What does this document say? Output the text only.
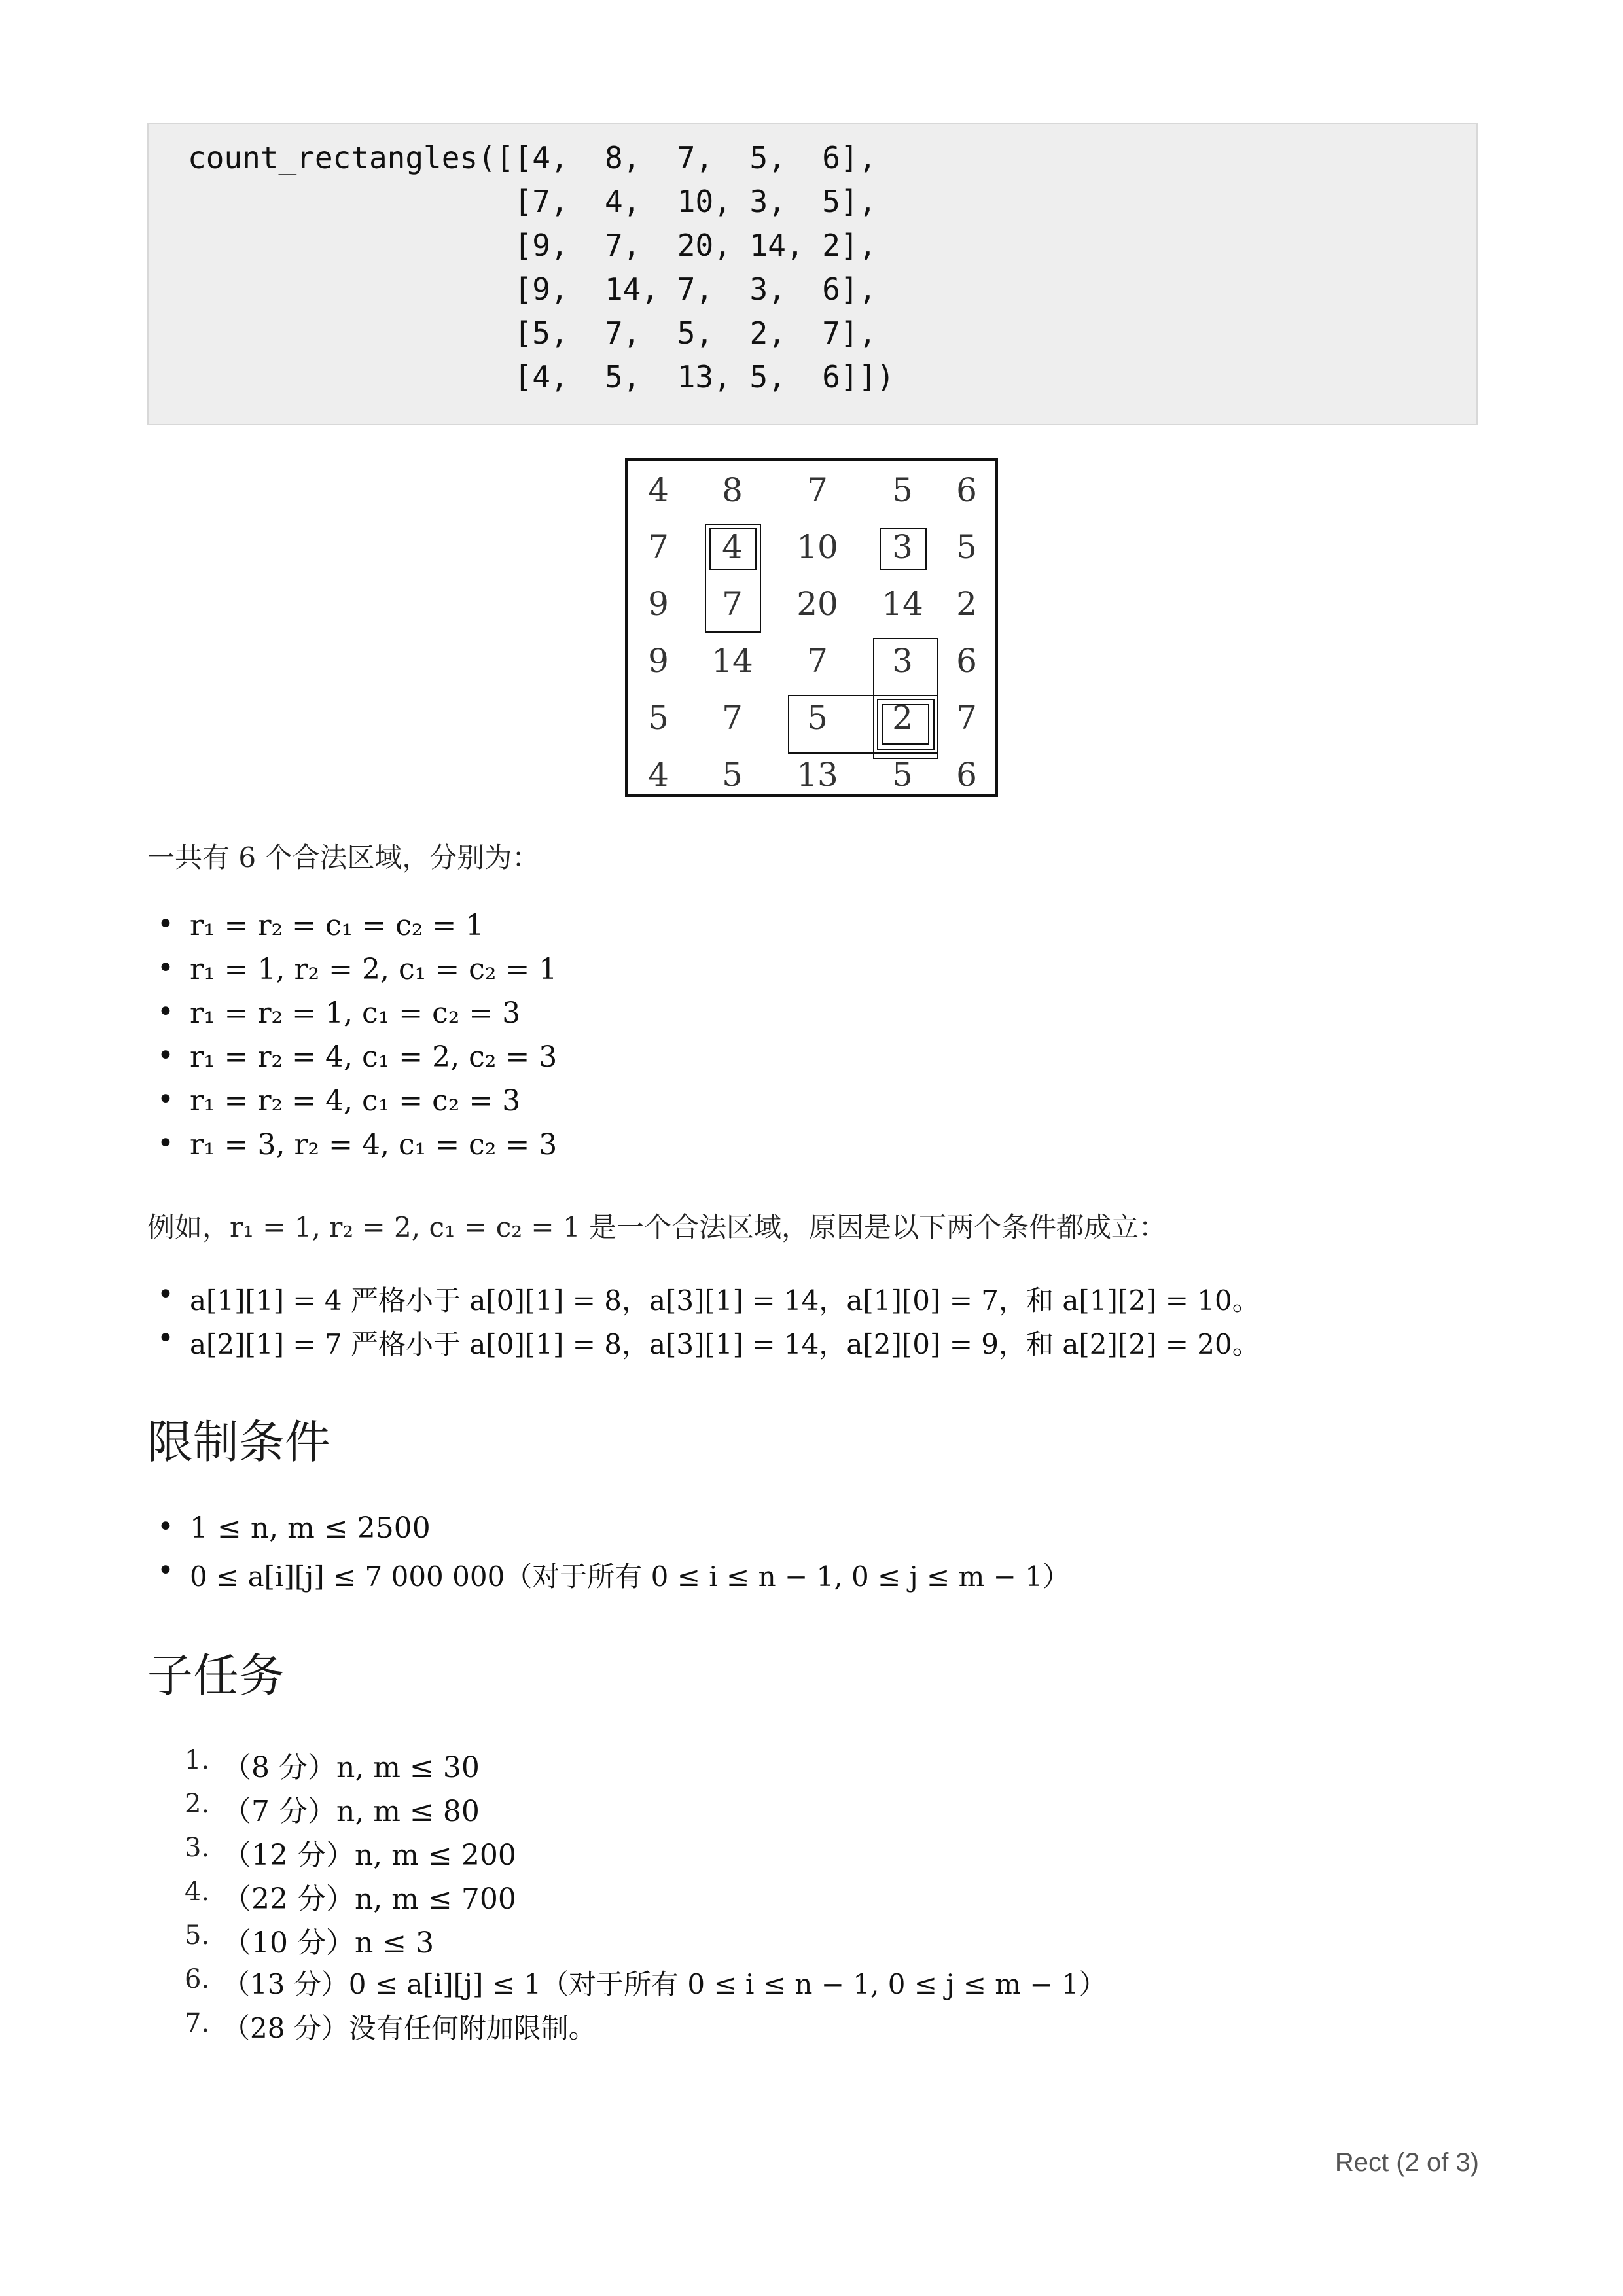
count_rectangles([[4,  8,  7,  5,  6],
[7,  4,  10, 3,  5],
[9,  7,  20, 14, 2],
[9,  14, 7,  3,  6],
[5,  7,  5,  2,  7],
[4,  5,  13, 5,  6]])
4	8	7	5	6
7	4	10	3	5
9	7	20 14	2
9	14	7	3	6
5	7	5	2	7
4	5	13	5	6
一共有 6 个合法区域，分别为：
• r₁ = r₂ = c₁ = c₂ = 1
• r₁ = 1, r₂ = 2, c₁ = c₂ = 1
• r₁ = r₂ = 1, c₁ = c₂ = 3
• r₁ = r₂ = 4, c₁ = 2, c₂ = 3
• r₁ = r₂ = 4, c₁ = c₂ = 3
• r₁ = 3, r₂ = 4, c₁ = c₂ = 3
例如，r₁ = 1, r₂ = 2, c₁ = c₂ = 1 是一个合法区域，原因是以下两个条件都成立：
• a[1][1] = 4 严格小于 a[0][1] = 8，a[3][1] = 14，a[1][0] = 7，和 a[1][2] = 10。
• a[2][1] = 7 严格小于 a[0][1] = 8，a[3][1] = 14，a[2][0] = 9，和 a[2][2] = 20。
限制条件
• 1 ≤ n, m ≤ 2500
• 0 ≤ a[i][j] ≤ 7 000 000（对于所有 0 ≤ i ≤ n − 1, 0 ≤ j ≤ m − 1）
子任务
1. （8 分）n, m ≤ 30
2. （7 分）n, m ≤ 80
3. （12 分）n, m ≤ 200
4. （22 分）n, m ≤ 700
5. （10 分）n ≤ 3
6. （13 分）0 ≤ a[i][j] ≤ 1（对于所有 0 ≤ i ≤ n − 1, 0 ≤ j ≤ m − 1）
7. （28 分）没有任何附加限制。
Rect (2 of 3)
